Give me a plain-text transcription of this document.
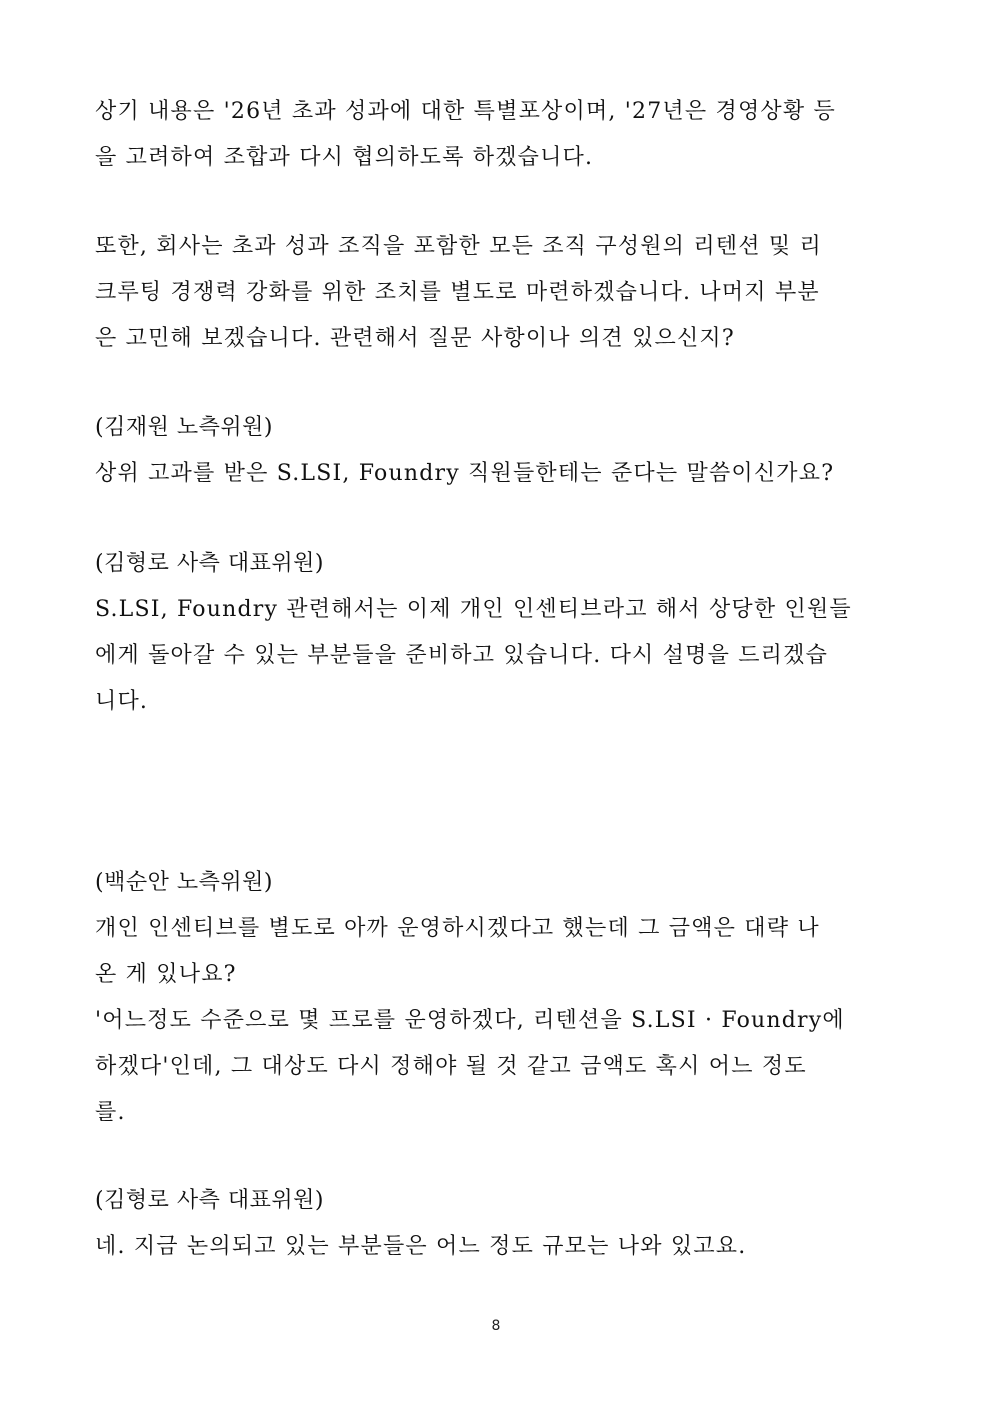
상기 내용은 '26년 초과 성과에 대한 특별포상이며, '27년은 경영상황 등
을 고려하여 조합과 다시 협의하도록 하겠습니다.
또한, 회사는 초과 성과 조직을 포함한 모든 조직 구성원의 리텐션 및 리
크루팅 경쟁력 강화를 위한 조치를 별도로 마련하겠습니다. 나머지 부분
은 고민해 보겠습니다. 관련해서 질문 사항이나 의견 있으신지?
(김재원 노측위원)
상위 고과를 받은 S.LSI, Foundry 직원들한테는 준다는 말씀이신가요?
(김형로 사측 대표위원)
S.LSI, Foundry 관련해서는 이제 개인 인센티브라고 해서 상당한 인원들
에게 돌아갈 수 있는 부분들을 준비하고 있습니다. 다시 설명을 드리겠습
니다.
(백순안 노측위원)
개인 인센티브를 별도로 아까 운영하시겠다고 했는데 그 금액은 대략 나
온 게 있나요?
'어느정도 수준으로 몇 프로를 운영하겠다, 리텐션을 S.LSI · Foundry에
하겠다'인데, 그 대상도 다시 정해야 될 것 같고 금액도 혹시 어느 정도
를.
(김형로 사측 대표위원)
네. 지금 논의되고 있는 부분들은 어느 정도 규모는 나와 있고요.
8
